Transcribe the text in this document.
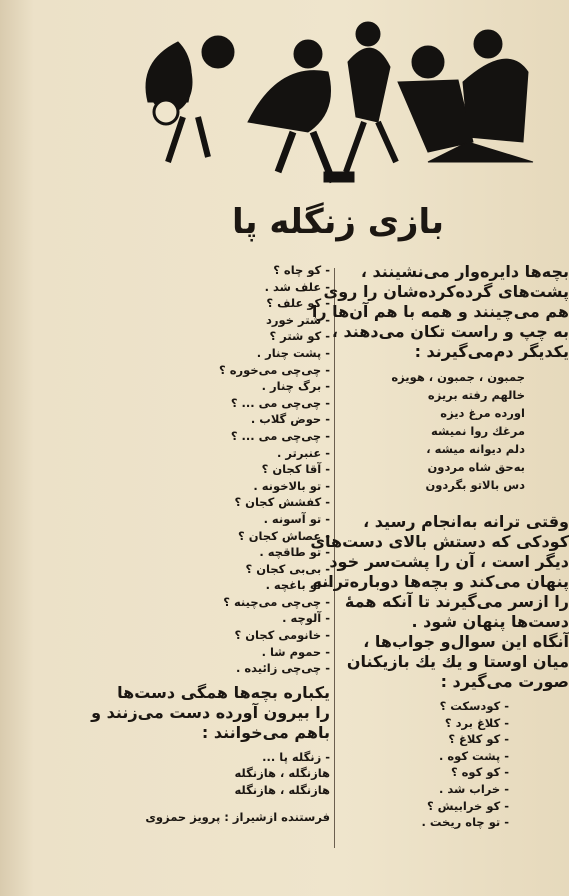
بازی زنگله پا
- کو چاه ؟
- علف شد .
- کو علف ؟
- شتر خورد
- کو شتر ؟
- پشت چنار .
- چی‌چی می‌خوره ؟
- برگ چنار .
- چی‌چی می ... ؟
- حوض گلاب .
- چی‌چی می ... ؟
- عنبرتر .
- آقا کجان ؟
- تو بالاخونه .
- کفشش کجان ؟
- تو آسونه .
- عصاش کجان ؟
- تو طاقچه .
- بی‌بی کجان ؟
- تو باغچه .
- چی‌چی می‌چینه ؟
- آلوچه .
- خانومی کجان ؟
- حموم شا .
- چی‌چی زائیده .
یکباره بچه‌ها همگی دست‌ها
را بیرون آورده دست می‌زنند و
باهم می‌خوانند :
- زنگله پا ...
هازنگله ، هازنگله
هازنگله ، هازنگله
فرستنده ازشیراز : پرویز حمزوی
بچه‌ها دایره‌وار می‌نشینند ،
پشت‌های گرده‌کرده‌شان را روی
هم می‌چینند و همه با هم آن‌ها را
به چپ و راست تکان می‌دهند ،
یکدیگر دم‌می‌گیرند :
جمبون ، جمبون ، هویزه
خالهم رفته بریزه
اورده مرغ دیزه
مرغك روا نمیشه
دلم دیوانه میشه ،
به‌حق شاه مردون
دس بالاتو بگردون
وقتی ترانه به‌انجام رسید ،
کودکی که دستش بالای دست‌های
دیگر است ، آن را پشت‌سر خود
پنهان می‌کند و بچه‌ها دوباره‌ترانه
را ازسر می‌گیرند تا آنکه همهٔ
دست‌ها پنهان شود .
آنگاه این سوال‌و جواب‌ها ،
میان اوستا و یك یك بازیکنان
صورت می‌گیرد :
- کودسکت ؟
- کلاغ برد ؟
- کو کلاغ ؟
- پشت کوه .
- کو کوه ؟
- خراب شد .
- کو خرابیش ؟
- تو چاه ریخت .
